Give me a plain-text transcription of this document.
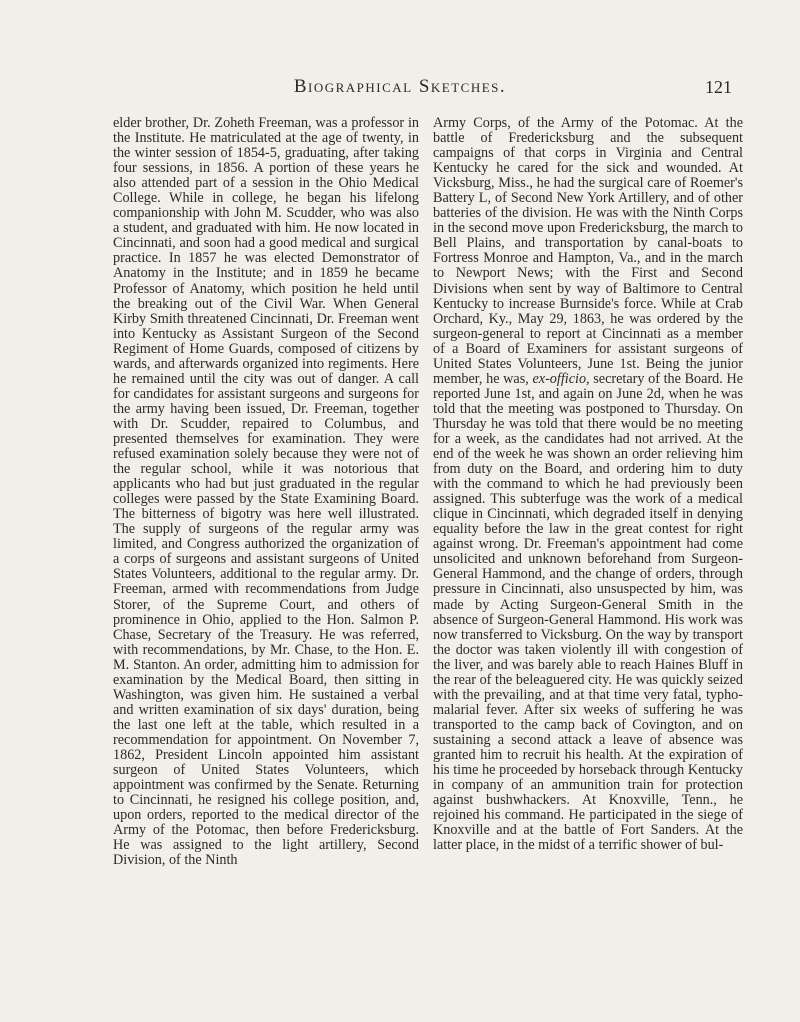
Biographical Sketches.	121

elder brother, Dr. Zoheth Freeman, was a professor in the Institute. He matriculated at the age of twenty, in the winter session of 1854-5, graduating, after taking four sessions, in 1856. A portion of these years he also attended part of a session in the Ohio Medical College. While in college, he began his lifelong companionship with John M. Scudder, who was also a student, and graduated with him. He now located in Cincinnati, and soon had a good medical and surgical practice. In 1857 he was elected Demonstrator of Anatomy in the Institute; and in 1859 he became Professor of Anatomy, which position he held until the breaking out of the Civil War. When General Kirby Smith threatened Cincinnati, Dr. Freeman went into Kentucky as Assistant Surgeon of the Second Regiment of Home Guards, composed of citizens by wards, and afterwards organized into regiments. Here he remained until the city was out of danger. A call for candidates for assistant surgeons and surgeons for the army having been issued, Dr. Freeman, together with Dr. Scudder, repaired to Columbus, and presented themselves for examination. They were refused examination solely because they were not of the regular school, while it was notorious that applicants who had but just graduated in the regular colleges were passed by the State Examining Board. The bitterness of bigotry was here well illustrated. The supply of surgeons of the regular army was limited, and Congress authorized the organization of a corps of surgeons and assistant surgeons of United States Volunteers, additional to the regular army. Dr. Freeman, armed with recommendations from Judge Storer, of the Supreme Court, and others of prominence in Ohio, applied to the Hon. Salmon P. Chase, Secretary of the Treasury. He was referred, with recommendations, by Mr. Chase, to the Hon. E. M. Stanton. An order, admitting him to admission for examination by the Medical Board, then sitting in Washington, was given him. He sustained a verbal and written examination of six days' duration, being the last one left at the table, which resulted in a recommendation for appointment. On November 7, 1862, President Lincoln appointed him assistant surgeon of United States Volunteers, which appointment was confirmed by the Senate. Returning to Cincinnati, he resigned his college position, and, upon orders, reported to the medical director of the Army of the Potomac, then before Fredericksburg. He was assigned to the light artillery, Second Division, of the Ninth

Army Corps, of the Army of the Potomac. At the battle of Fredericksburg and the subsequent campaigns of that corps in Virginia and Central Kentucky he cared for the sick and wounded. At Vicksburg, Miss., he had the surgical care of Roemer's Battery L, of Second New York Artillery, and of other batteries of the division. He was with the Ninth Corps in the second move upon Fredericksburg, the march to Bell Plains, and transportation by canal-boats to Fortress Monroe and Hampton, Va., and in the march to Newport News; with the First and Second Divisions when sent by way of Baltimore to Central Kentucky to increase Burnside's force. While at Crab Orchard, Ky., May 29, 1863, he was ordered by the surgeon-general to report at Cincinnati as a member of a Board of Examiners for assistant surgeons of United States Volunteers, June 1st. Being the junior member, he was, ex-officio, secretary of the Board. He reported June 1st, and again on June 2d, when he was told that the meeting was postponed to Thursday. On Thursday he was told that there would be no meeting for a week, as the candidates had not arrived. At the end of the week he was shown an order relieving him from duty on the Board, and ordering him to duty with the command to which he had previously been assigned. This subterfuge was the work of a medical clique in Cincinnati, which degraded itself in denying equality before the law in the great contest for right against wrong. Dr. Freeman's appointment had come unsolicited and unknown beforehand from Surgeon-General Hammond, and the change of orders, through pressure in Cincinnati, also unsuspected by him, was made by Acting Surgeon-General Smith in the absence of Surgeon-General Hammond. His work was now transferred to Vicksburg. On the way by transport the doctor was taken violently ill with congestion of the liver, and was barely able to reach Haines Bluff in the rear of the beleaguered city. He was quickly seized with the prevailing, and at that time very fatal, typho-malarial fever. After six weeks of suffering he was transported to the camp back of Covington, and on sustaining a second attack a leave of absence was granted him to recruit his health. At the expiration of his time he proceeded by horseback through Kentucky in company of an ammunition train for protection against bushwhackers. At Knoxville, Tenn., he rejoined his command. He participated in the siege of Knoxville and at the battle of Fort Sanders. At the latter place, in the midst of a terrific shower of bul-
